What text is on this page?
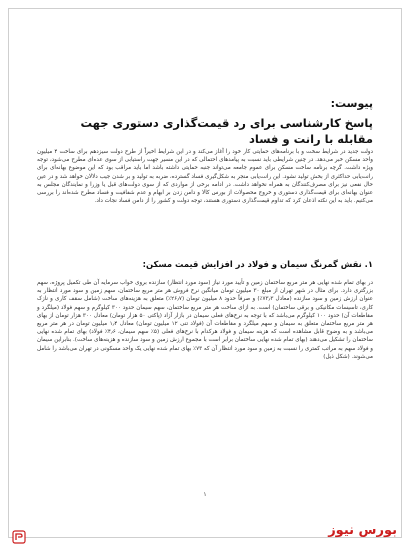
پیوست:

پاسخ کارشناسی برای رد قیمت‌گذاری دستوری جهت مقابله با رانت و فساد

دولت جدید در شرایط سخت و با برنامه‌های حمایتی کار خود را آغاز می‌کند و در این شرایط اخیراً از طرح دولت سیزدهم برای ساخت ۴ میلیون واحد مسکن خبر می‌دهد. در چنین شرایطی باید نسبت به پیامدهای احتمالی که در این مسیر جهت راستیابی از سوی عده‌ای مطرح می‌شود، توجه ویژه داشت. گرچه برنامه ساخت مسکن برای عموم جامعه می‌تواند جنبه حمایتی داشته باشد اما باید مراقب بود که این موضوع بهانه‌ای برای رانت‌یابی حداکثری از بخش تولید نشود. این رانت‌یابی منجر به شکل‌گیری فساد گسترده، ضربه به تولید و بر شدن جیب دلالان خواهد شد و در عین حال نفعی نیز برای مصرف‌کنندگان به همراه نخواهد داشت. در ادامه برخی از مواردی که از سوی دولت‌های قبل یا وزرا و نمایندگان مجلس به عنوان بهانه‌ای برای قیمت‌گذاری دستوری و خروج محصولات از بورس کالا و دامن زدن بر ابهام و عدم شفافیت و فساد مطرح شده‌اند را بررسی می‌کنیم. باید به این نکته اذعان کرد که تداوم قیمت‌گذاری دستوری هستند، توجه دولت و کشور را از دامن فساد نجات داد.

۱. نقش گمرنگ سیمان و فولاد در افزایش قیمت مسکن:

در بهای تمام شده نهایی هر متر مربع ساختمان زمین و تأیید مورد نیاز (سود مورد انتظار) سازنده بروی خواب سرمایه آن طی تکمیل پروژه، سهم بزرگتری دارد. برای مثال در شهر تهران از مبلغ ۳۰ میلیون تومان میانگین نرخ فروش هر متر مربع ساختمان، سهم زمین و سود مورد انتظار به عنوان ارزش زمین و سود سازنده (معادل ۷۳٫۳٪) و صرفاً حدود ۸ میلیون تومان (۲۶٫۷٪) متعلق به هزینه‌های ساخت (شامل سقف کاری و نازک کاری، تاسیسات مکانیکی و برقی ساختمان) است. به ازای ساخت هر متر مربع ساختمان، سهم سیمان حدود ۳۰۰ کیلوگرم و سهم فولاد (میلگرد و مقاطعات آن) حدود ۱۰۰ کیلوگرم می‌باشد که با توجه به نرخ‌های فعلی سیمان در بازار آزاد (پاکتی ۵۰ هزار تومان) معادل ۳۰۰ هزار تومان از بهای هر متر مربع ساختمان متعلق به سیمان و سهم میلگرد و مقاطعات آن (فولاد تنی ۱۲ میلیون تومان) معادل ۱٫۴ میلیون تومان در هر متر مربع می‌باشد و به وضوح قابل مشاهده است که هزینه سیمان و فولاد هرکدام با نرخ‌های فعلی (۵٪ سهم سیمان، ۴٫۶٪ فولاد) بهای تمام شده نهایی ساختمان را تشکیل می‌دهند (بهای تمام شده نهایی ساختمان برابر است با مجموع ارزش زمین و سود سازنده و هزینه‌های ساخت). بنابراین سیمان و فولاد سهم به مراتب کمتری را نسبت به زمین و سود مورد انتظار آن که ۷۳٪ بهای تمام شده نهایی یک واحد مسکونی در تهران می‌باشد را شامل می‌شوند. (شکل ذیل)

۱
بورس نیوز
